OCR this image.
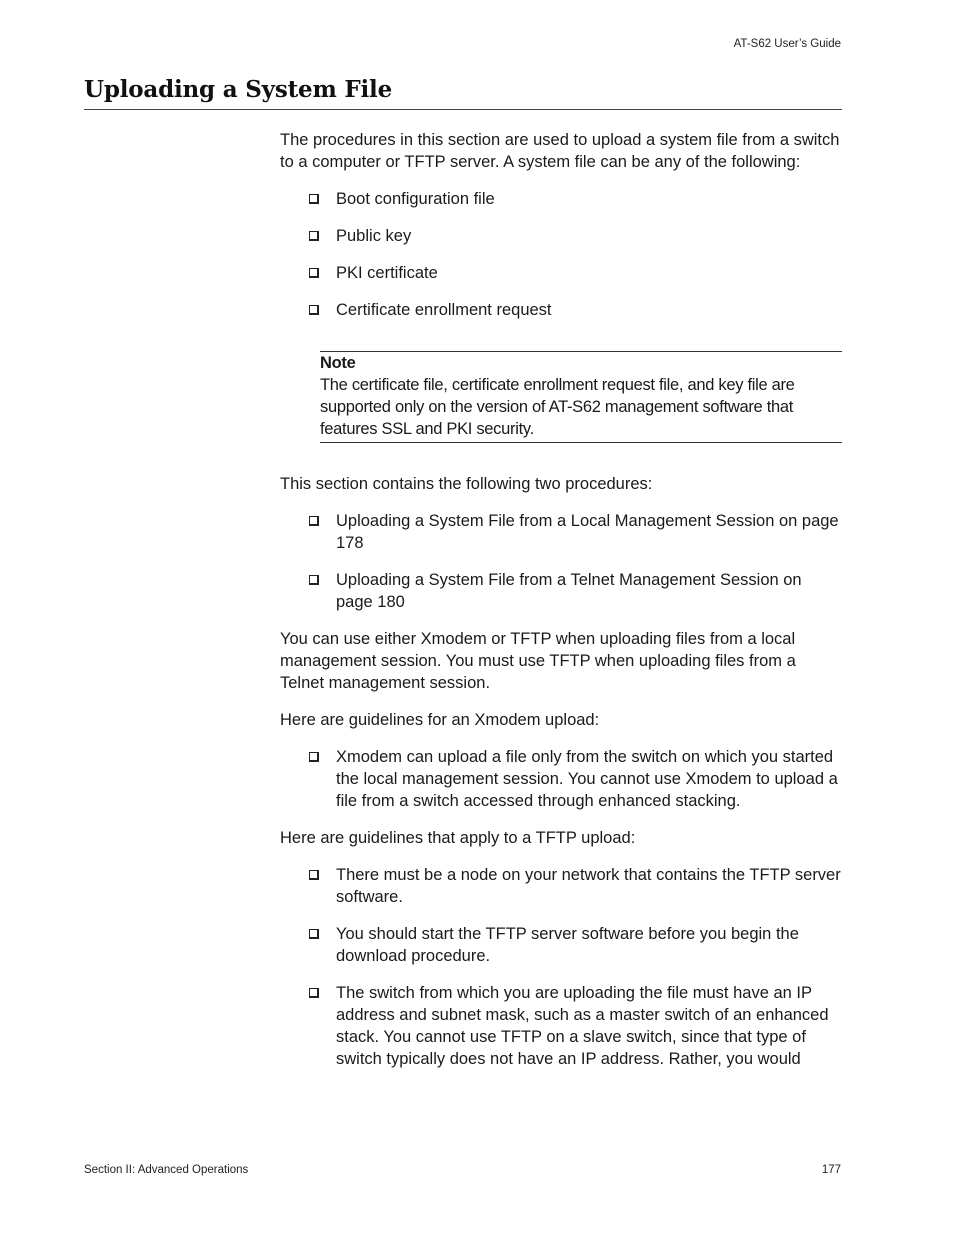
AT-S62 User’s Guide
Uploading a System File

The procedures in this section are used to upload a system file from a switch to a computer or TFTP server. A system file can be any of the following:

Boot configuration file
Public key
PKI certificate
Certificate enrollment request
Note
The certificate file, certificate enrollment request file, and key file are supported only on the version of AT-S62 management software that features SSL and PKI security.

This section contains the following two procedures:

Uploading a System File from a Local Management Session on page 178
Uploading a System File from a Telnet Management Session on page 180

You can use either Xmodem or TFTP when uploading files from a local management session. You must use TFTP when uploading files from a Telnet management session.

Here are guidelines for an Xmodem upload:

Xmodem can upload a file only from the switch on which you started the local management session. You cannot use Xmodem to upload a file from a switch accessed through enhanced stacking.

Here are guidelines that apply to a TFTP upload:

There must be a node on your network that contains the TFTP server software.
You should start the TFTP server software before you begin the download procedure.
The switch from which you are uploading the file must have an IP address and subnet mask, such as a master switch of an enhanced stack. You cannot use TFTP on a slave switch, since that type of switch typically does not have an IP address. Rather, you would
Section II: Advanced Operations	177
